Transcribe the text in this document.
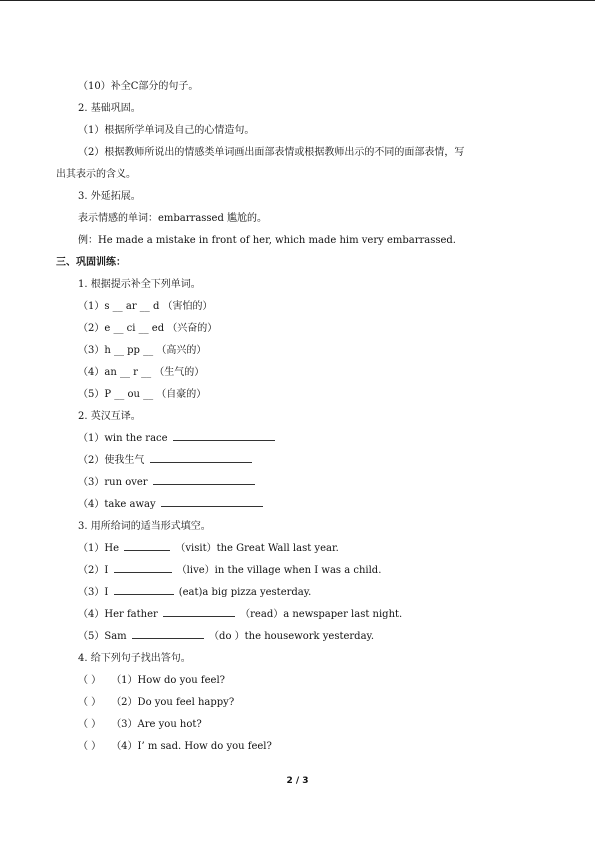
（10）补全C部分的句子。
2. 基础巩固。
（1）根据所学单词及自己的心情造句。
（2）根据教师所说出的情感类单词画出面部表情或根据教师出示的不同的面部表情，写
出其表示的含义。
3. 外延拓展。
表示情感的单词：embarrassed 尴尬的。
例：He made a mistake in front of her, which made him very embarrassed.
三、巩固训练：
1. 根据提示补全下列单词。
（1）s __ ar __ d （害怕的）
（2）e __ ci __ ed （兴奋的）
（3）h __ pp __ （高兴的）
（4）an __ r __ （生气的）
（5）P __ ou __ （自豪的）
2. 英汉互译。
（1）win the race
（2）使我生气
（3）run over
（4）take away
3. 用所给词的适当形式填空。
（1）He	（visit）the Great Wall last year.
（2）I	（live）in the village when I was a child.
（3）I	(eat)a big pizza yesterday.
（4）Her father	（read）a newspaper last night.
（5）Sam	（do ）the housework yesterday.
4. 给下列句子找出答句。
（ ） （1）How do you feel?
（ ） （2）Do you feel happy?
（ ） （3）Are you hot?
（ ） （4）I’ m sad. How do you feel?
2 / 3
